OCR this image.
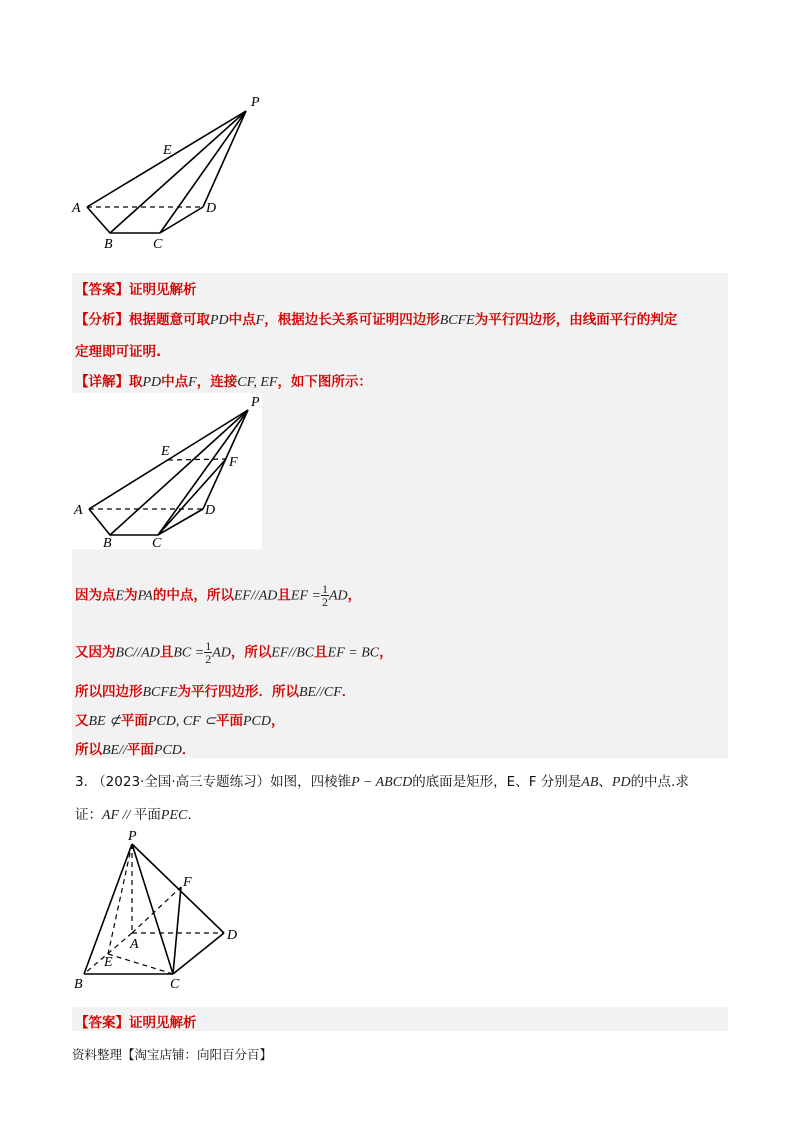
P
E
A	D
B	C
【答案】证明见解析
【分析】根据题意可取PD中点F，根据边长关系可证明四边形BCFE为平行四边形，由线面平行的判定
定理即可证明.
【详解】取PD中点F，连接CF, EF，如下图所示：
P
E
F
A	D
B	C
因为点E为PA的中点，所以EF//AD且EF = $\frac{1}{2}$ AD，
又因为BC//AD且BC = $\frac{1}{2}$ AD，所以EF//BC且EF = BC，
所以四边形BCFE为平行四边形．所以BE//CF．
又BE ⊄平面PCD, CF ⊂平面PCD，
所以BE//平面PCD．
3. （2023·全国·高三专题练习）如图，四棱锥P − ABCD的底面是矩形，E、F 分别是AB、PD的中点.求
证：AF // 平面PEC.
P
F
A
E
D
B	C
【答案】证明见解析
资料整理【淘宝店铺：向阳百分百】
